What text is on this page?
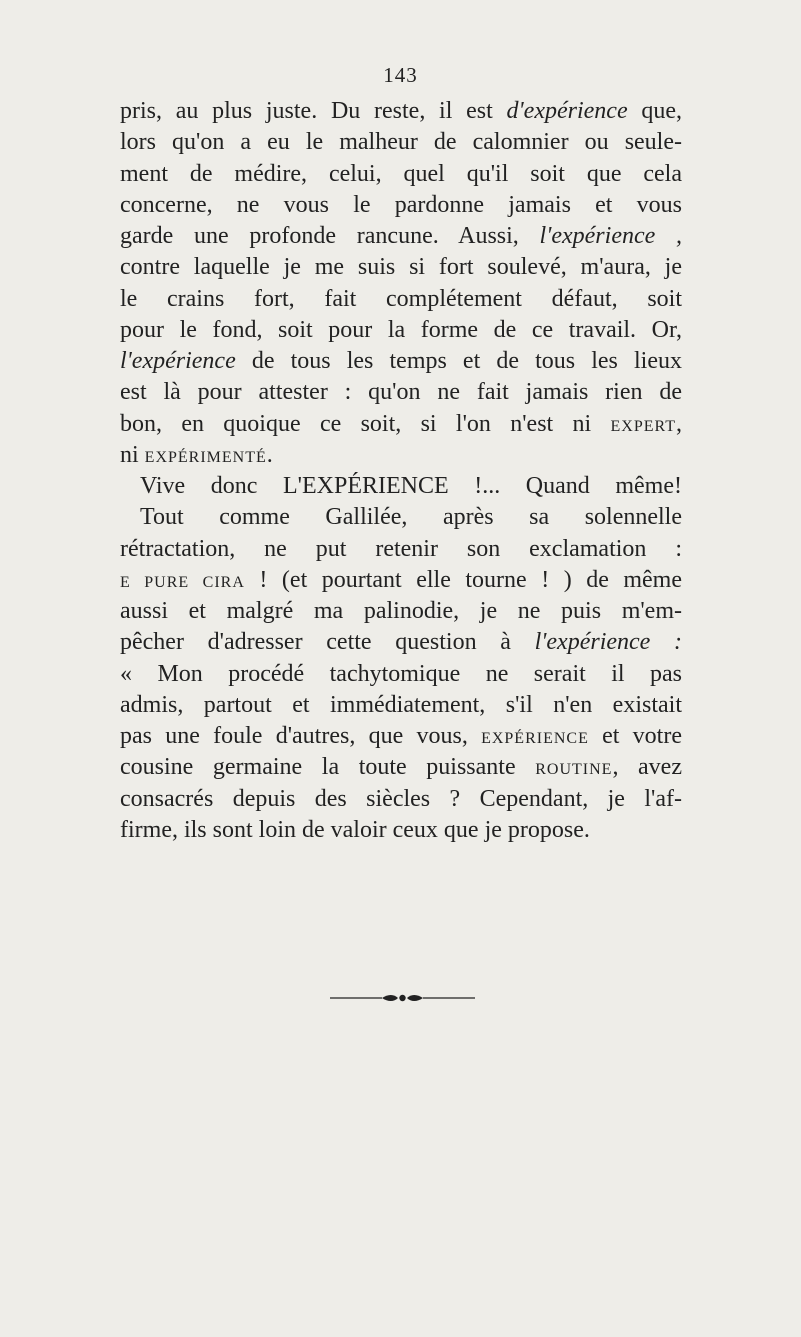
143
pris, au plus juste. Du reste, il est d'expérience que,
lors qu'on a eu le malheur de calomnier ou seule-
ment de médire, celui, quel qu'il soit que cela
concerne, ne vous le pardonne jamais et vous
garde une profonde rancune. Aussi, l'expérience ,
contre laquelle je me suis si fort soulevé, m'aura, je
le crains fort, fait complétement défaut, soit
pour le fond, soit pour la forme de ce travail. Or,
l'expérience de tous les temps et de tous les lieux
est là pour attester : qu'on ne fait jamais rien de
bon, en quoique ce soit, si l'on n'est ni EXPERT,
ni EXPÉRIMENTÉ.
Vive donc L'EXPÉRIENCE !... Quand même!
Tout comme Gallilée, après sa solennelle
rétractation, ne put retenir son exclamation :
E PURE CIRA ! (et pourtant elle tourne ! ) de même
aussi et malgré ma palinodie, je ne puis m'em-
pêcher d'adresser cette question à l'expérience :
« Mon procédé tachytomique ne serait il pas
admis, partout et immédiatement, s'il n'en existait
pas une foule d'autres, que vous, EXPÉRIENCE et votre
cousine germaine la toute puissante ROUTINE, avez
consacrés depuis des siècles ? Cependant, je l'af-
firme, ils sont loin de valoir ceux que je propose.
